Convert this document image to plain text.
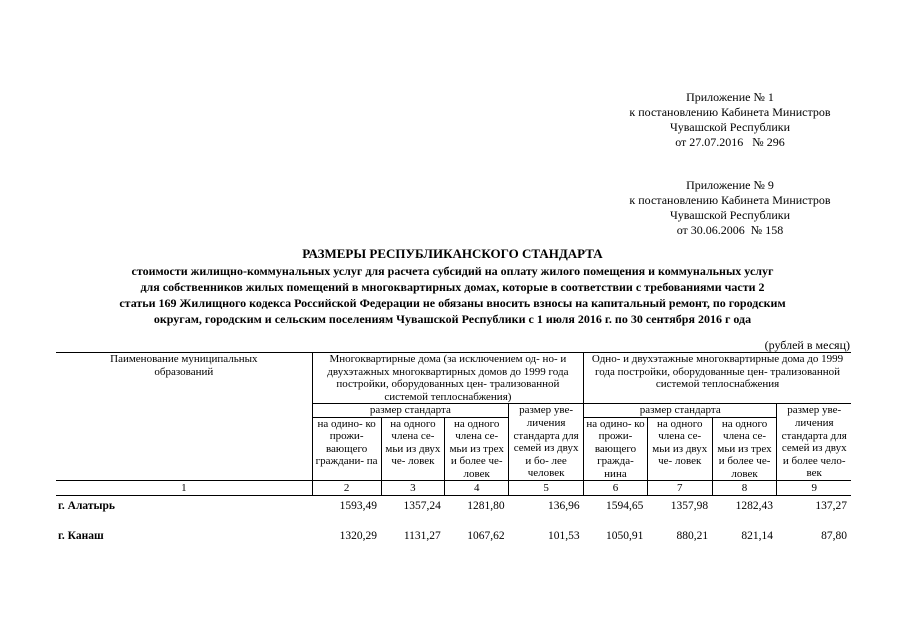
Приложение № 1
к постановлению Кабинета Министров
Чувашской Республики
от 27.07.2016   № 296
Приложение № 9
к постановлению Кабинета Министров
Чувашской Республики
от 30.06.2006  № 158
РАЗМЕРЫ РЕСПУБЛИКАНСКОГО СТАНДАРТА
стоимости жилищно-коммунальных услуг для расчета субсидий на оплату жилого помещения и коммунальных услуг
для собственников жилых помещений в многоквартирных домах, которые в соответствии с требованиями части 2
статьи 169 Жилищного кодекса Российской Федерации не обязаны вносить взносы на капитальный ремонт, по городским
округам, городским и сельским поселениям Чувашской Республики с 1 июля 2016 г. по 30 сентября 2016 г ода
(рублей в месяц)
Паименование муниципальных образований	Многоквартирные дома (за исключением од- но- и двухэтажных многоквартирных домов до 1999 года постройки, оборудованных цен- трализованной системой теплоснабжения)				Одно- и двухэтажные многоквартирные дома до 1999 года постройки, оборудованные цен- трализованной системой теплоснабжения			
	размер стандарта			размер уве-	размер стандарта			размер уве-
	на одино- ко прожи- вающего граждани- па	на одного члена се- мьи из двух че- ловек	на одного члена се- мьи из трех и более че- ловек	личения стандарта для семей из двух и бо- лее человек	на одино- ко прожи- вающего гражда- нина	на одного члена се- мьи из двух че- ловек	на одного члена се- мьи из трех и более че- ловек	личения стандарта для семей из двух и более чело- век
1	2	3	4	5	6	7	8	9
г. Алатырь	1593,49	1357,24	1281,80	136,96	1594,65	1357,98	1282,43	137,27
г. Канаш	1320,29	1131,27	1067,62	101,53	1050,91	880,21	821,14	87,80
